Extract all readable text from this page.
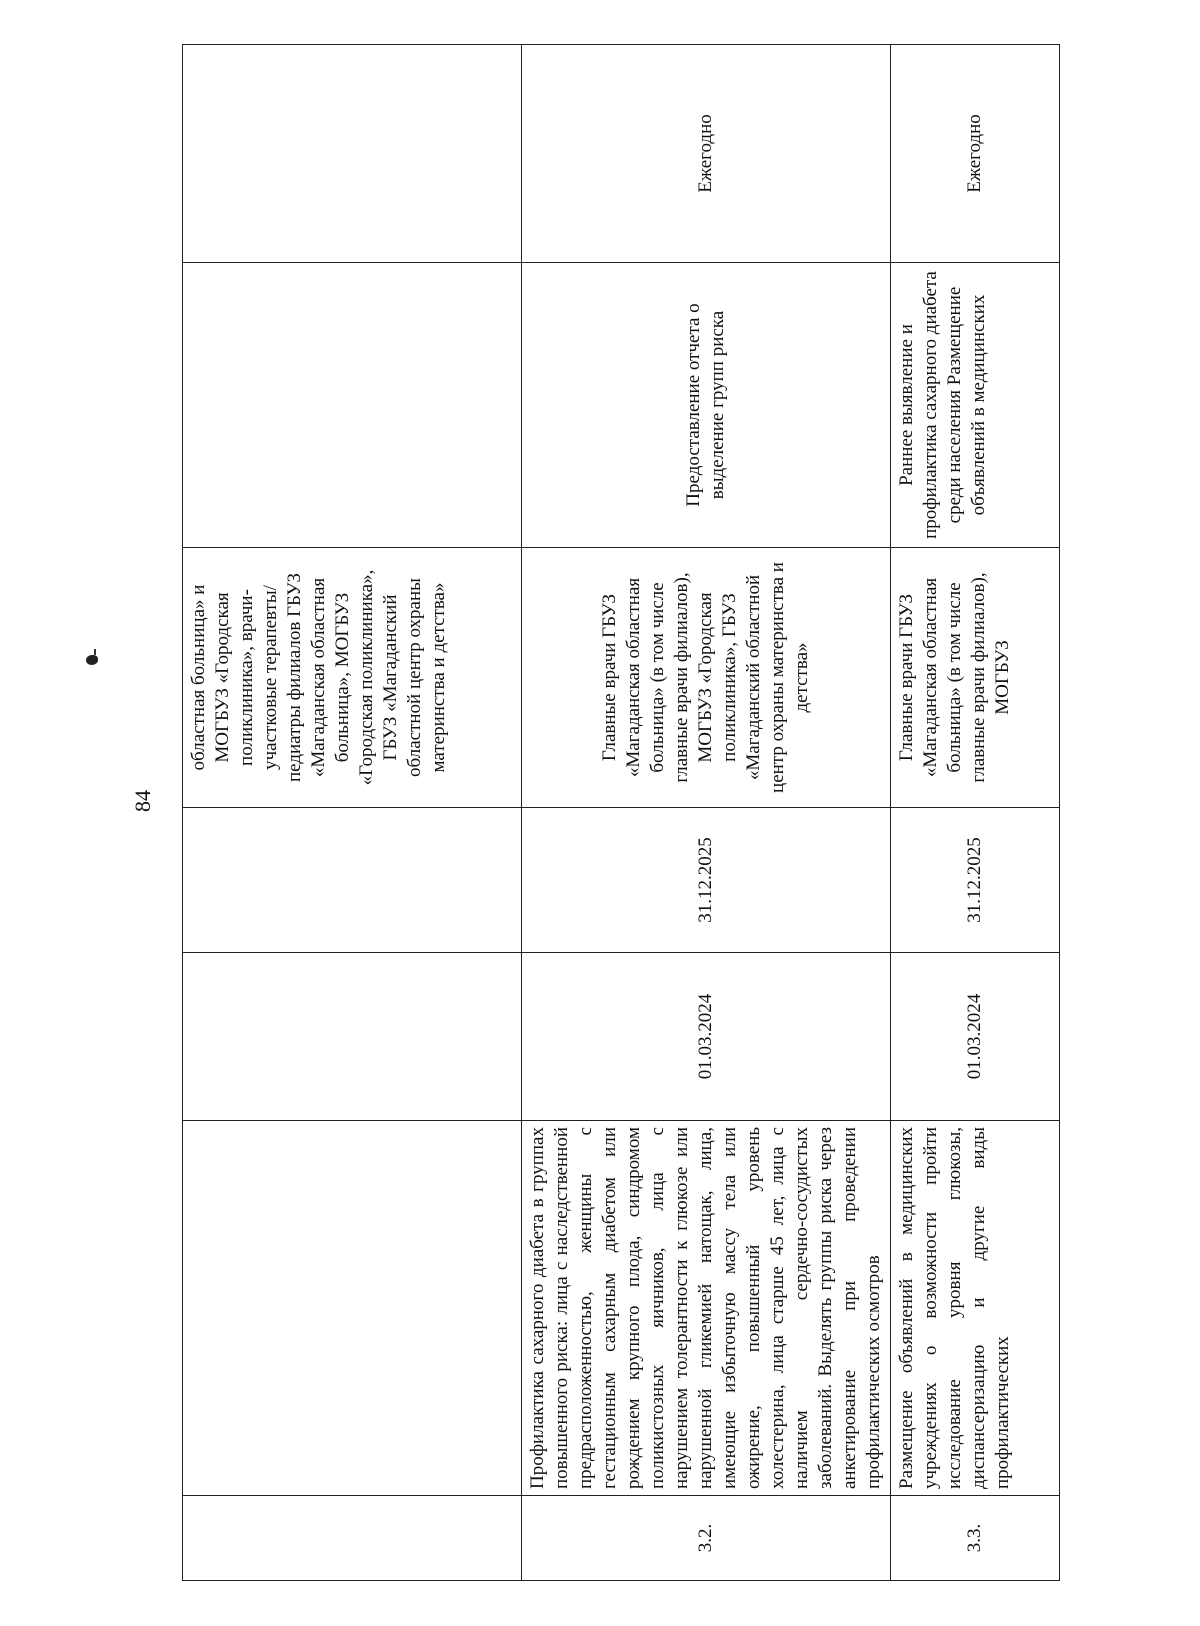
84
				областная больница» и МОГБУЗ «Городская поликлиника», врачи-участковые терапевты/педиатры филиалов ГБУЗ «Магаданская областная больница», МОГБУЗ «Городская поликлиника», ГБУЗ «Магаданский областной центр охраны материнства и детства»		
3.2.	Профилактика сахарного диабета в группах повышенного риска: лица с наследственной предрасположенностью, женщины с гестационным сахарным диабетом или рождением крупного плода, синдромом поликистозных яичников, лица с нарушением толерантности к глюкозе или нарушенной гликемией натощак, лица, имеющие избыточную массу тела или ожирение, повышенный уровень холестерина, лица старше 45 лет, лица с наличием сердечно-сосудистых заболеваний. Выделять группы риска через анкетирование при проведении профилактических осмотров	01.03.2024	31.12.2025	Главные врачи ГБУЗ «Магаданская областная больница» (в том числе главные врачи филиалов), МОГБУЗ «Городская поликлиника», ГБУЗ «Магаданский областной центр охраны материнства и детства»	Предоставление отчета о выделение групп риска	Ежегодно
3.3.	Размещение объявлений в медицинских учреждениях о возможности пройти исследование уровня глюкозы, диспансеризацию и другие виды профилактических	01.03.2024	31.12.2025	Главные врачи ГБУЗ «Магаданская областная больница» (в том числе главные врачи филиалов), МОГБУЗ	Раннее выявление и профилактика сахарного диабета среди населения Размещение объявлений в медицинских	Ежегодно
